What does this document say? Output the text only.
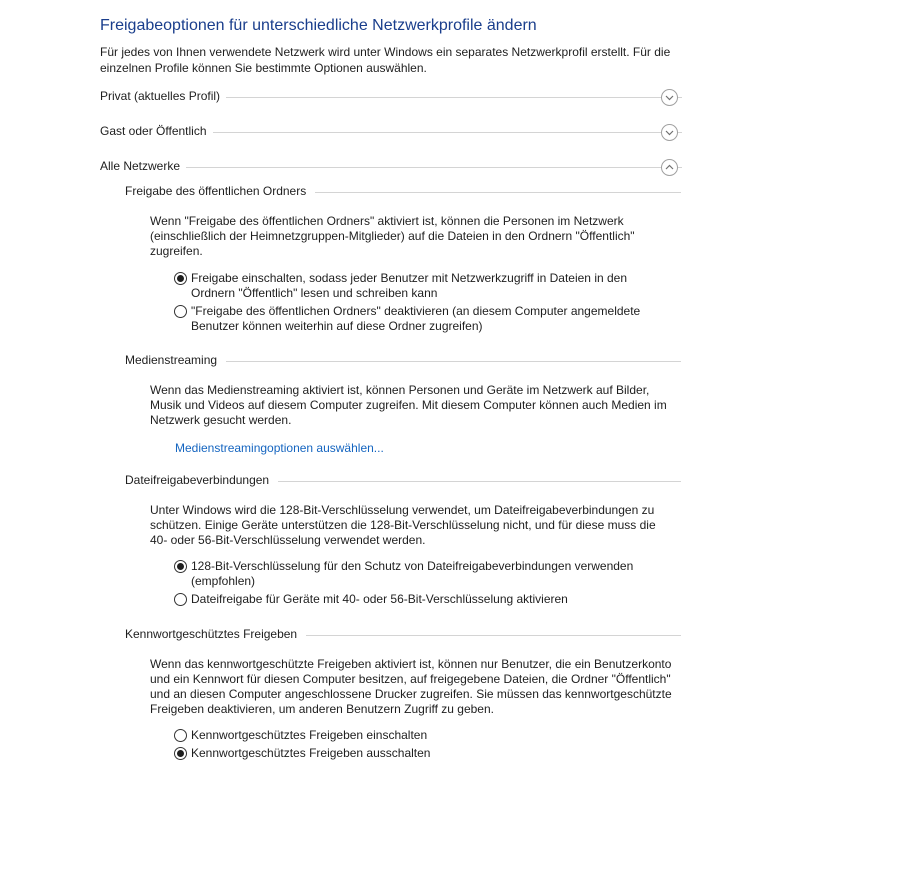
Freigabeoptionen für unterschiedliche Netzwerkprofile ändern
Für jedes von Ihnen verwendete Netzwerk wird unter Windows ein separates Netzwerkprofil erstellt. Für die einzelnen Profile können Sie bestimmte Optionen auswählen.
Privat (aktuelles Profil)
Gast oder Öffentlich
Alle Netzwerke
Freigabe des öffentlichen Ordners
Wenn "Freigabe des öffentlichen Ordners" aktiviert ist, können die Personen im Netzwerk (einschließlich der Heimnetzgruppen-Mitglieder) auf die Dateien in den Ordnern "Öffentlich" zugreifen.
Freigabe einschalten, sodass jeder Benutzer mit Netzwerkzugriff in Dateien in den Ordnern "Öffentlich" lesen und schreiben kann
"Freigabe des öffentlichen Ordners" deaktivieren (an diesem Computer angemeldete Benutzer können weiterhin auf diese Ordner zugreifen)
Medienstreaming
Wenn das Medienstreaming aktiviert ist, können Personen und Geräte im Netzwerk auf Bilder, Musik und Videos auf diesem Computer zugreifen. Mit diesem Computer können auch Medien im Netzwerk gesucht werden.
Medienstreamingoptionen auswählen...
Dateifreigabeverbindungen
Unter Windows wird die 128-Bit-Verschlüsselung verwendet, um Dateifreigabeverbindungen zu schützen. Einige Geräte unterstützen die 128-Bit-Verschlüsselung nicht, und für diese muss die 40- oder 56-Bit-Verschlüsselung verwendet werden.
128-Bit-Verschlüsselung für den Schutz von Dateifreigabeverbindungen verwenden (empfohlen)
Dateifreigabe für Geräte mit 40- oder 56-Bit-Verschlüsselung aktivieren
Kennwortgeschütztes Freigeben
Wenn das kennwortgeschützte Freigeben aktiviert ist, können nur Benutzer, die ein Benutzerkonto und ein Kennwort für diesen Computer besitzen, auf freigegebene Dateien, die Ordner "Öffentlich" und an diesen Computer angeschlossene Drucker zugreifen. Sie müssen das kennwortgeschützte Freigeben deaktivieren, um anderen Benutzern Zugriff zu geben.
Kennwortgeschütztes Freigeben einschalten
Kennwortgeschütztes Freigeben ausschalten
